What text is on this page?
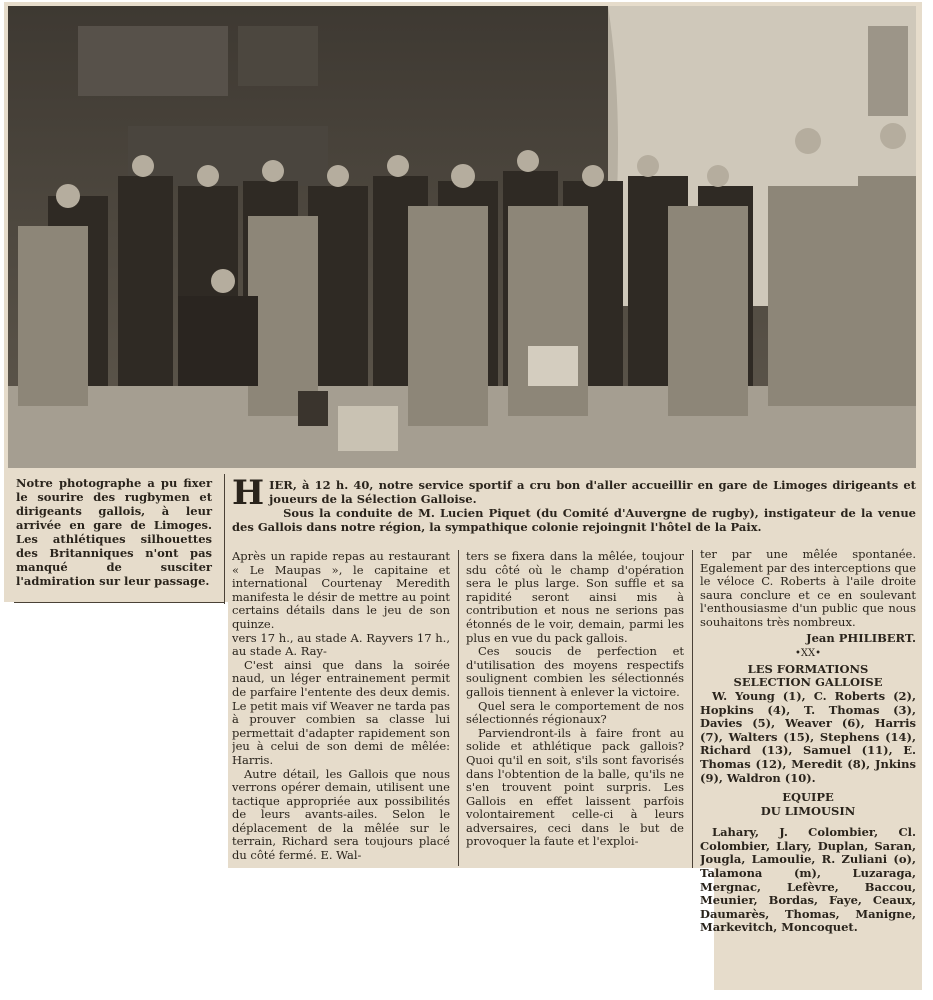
Notre photographe a pu fixer le sourire des rugbymen et dirigeants gallois, à leur arrivée en gare de Limoges. Les athlétiques silhouettes des Britanniques n'ont pas manqué de susciter l'admiration sur leur passage.

HIER, à 12 h. 40, notre service sportif a cru bon d'aller accueillir en gare de Limoges dirigeants et joueurs de la Sélection Galloise.

Sous la conduite de M. Lucien Piquet (du Comité d'Auvergne de rugby), instigateur de la venue des Gallois dans notre région, la sympathique colonie rejoingnit l'hôtel de la Paix.

Après un rapide repas au restaurant « Le Maupas », le capitaine et international Courtenay Meredith manifesta le désir de mettre au point certains détails dans le jeu de son quinze.

vers 17 h., au stade A. Rayvers 17 h., au stade A. Ray-

C'est ainsi que dans la soirée naud, un léger entrainement permit de parfaire l'entente des deux demis. Le petit mais vif Weaver ne tarda pas à prouver combien sa classe lui permettait d'adapter rapidement son jeu à celui de son demi de mêlée: Harris.

Autre détail, les Gallois que nous verrons opérer demain, utilisent une tactique appropriée aux possibilités de leurs avants-ailes. Selon le déplacement de la mêlée sur le terrain, Richard sera toujours placé du côté fermé. E. Wal-

ters se fixera dans la mêlée, toujour sdu côté où le champ d'opération sera le plus large. Son suffle et sa rapidité seront ainsi mis à contribution et nous ne serions pas étonnés de le voir, demain, parmi les plus en vue du pack gallois.

Ces soucis de perfection et d'utilisation des moyens respectifs soulignent combien les sélectionnés gallois tiennent à enlever la victoire.

Quel sera le comportement de nos sélectionnés régionaux?

Parviendront-ils à faire front au solide et athlétique pack gallois? Quoi qu'il en soit, s'ils sont favorisés dans l'obtention de la balle, qu'ils ne s'en trouvent point surpris. Les Gallois en effet laissent parfois volontairement celle-ci à leurs adversaires, ceci dans le but de provoquer la faute et l'exploi-

ter par une mêlée spontanée. Egalement par des interceptions que le véloce C. Roberts à l'aile droite saura conclure et ce en soulevant l'enthousiasme d'un public que nous souhaitons très nombreux.

Jean PHILIBERT.
•XX•
LES FORMATIONS
SELECTION GALLOISE

W. Young (1), C. Roberts (2), Hopkins (4), T. Thomas (3), Davies (5), Weaver (6), Harris (7), Walters (15), Stephens (14), Richard (13), Samuel (11), E. Thomas (12), Meredit (8), Jnkins (9), Waldron (10).

EQUIPE
DU LIMOUSIN

Lahary, J. Colombier, Cl. Colombier, Llary, Duplan, Saran, Jougla, Lamoulie, R. Zuliani (o), Talamona (m), Luzaraga, Mergnac, Lefèvre, Baccou, Meunier, Bordas, Faye, Ceaux, Daumarès, Thomas, Manigne, Markevitch, Moncoquet.
